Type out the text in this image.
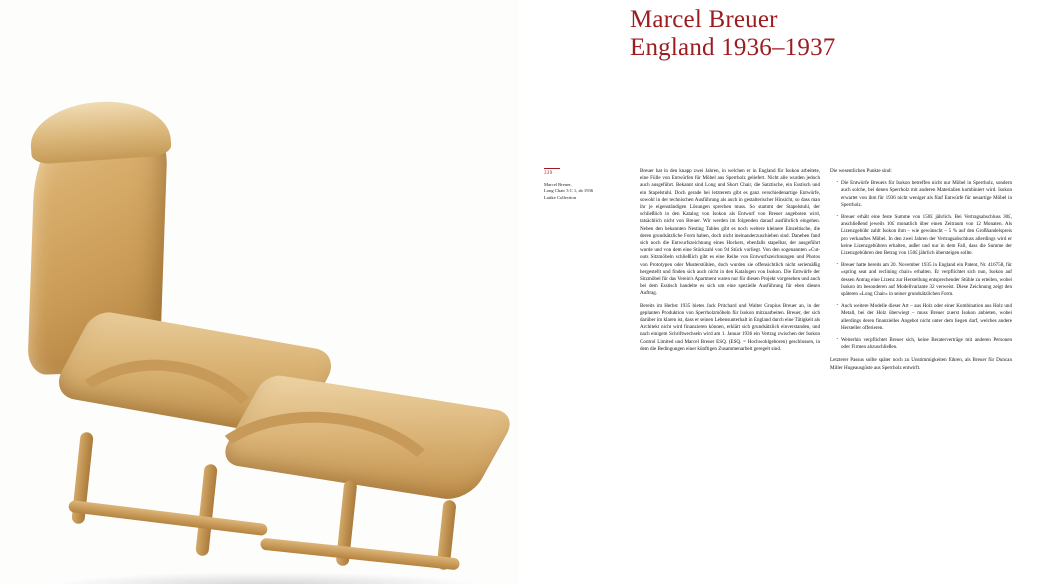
Marcel Breuer
England 1936–1937
339
Marcel Breuer,
Long Chair 3 C 1, ab 1936
Lattke Collection

Breuer hat in den knapp zwei Jahren, in welchen er in England für Isokon arbeitete, eine Fülle von Entwürfen für Möbel aus Sperrholz geliefert. Nicht alle wurden jedoch auch ausgeführt. Bekannt sind Long und Short Chair, die Satztische, ein Esstisch und ein Stapelstuhl. Doch gerade bei letzterem gibt es ganz verschiedenartige Entwürfe, sowohl in der technischen Ausführung als auch in gestalterischer Hinsicht, so dass man ihr je eigenständigen Lösungen sprechen muss. So stammt der Stapelstuhl, der schließlich in den Katalog von Isokon als Entwurf von Breuer angeboten wird, tatsächlich nicht von Breuer. Wir werden im folgenden darauf ausführlich eingehen. Neben den bekannten Nesting Tables gibt es noch weitere kleinere Einzeltische, die deren grundsätzliche Form haben, doch nicht ineinanderzuschieben sind. Daneben fand sich noch die Entwurfszeichnung eines Hockers, ebenfalls stapelbar, der ausgeführt wurde und von dem eine Stückzahl von 94 Stück vorliegt. Von den sogenannten »Cut-outs Sitzmöbeln schließlich gibt es eine Reihe von Entwurfszeichnungen und Photos von Prototypen oder Musterstühlen, doch wurden sie offensichtlich nicht seriemäßig hergestellt und finden sich auch nicht in den Katalogen von Isokon. Die Entwürfe der Sitzmöbel für das Verein's Apartment waren nur für diesen Projekt vorgesehen und auch bei dem Esstisch handelte es sich um eine spezielle Ausführung für eben diesen Auftrag.

Bereits im Herbst 1935 bietes Jack Pritchard und Walter Gropius Breuer an, in der geplanten Produktion von Sperrholzmöbeln für Isokon mitzuarbeiten. Breuer, der sich darüber im klaren ist, dass er seinen Lebensunterhalt in England durch eine Tätigkeit als Architekt nicht wird finanzieren können, erklärt sich grundsätzlich einverstanden, und nach einigem Schriftwechseln wird am 1. Januar 1936 ein Vertrag zwischen der Isokon Control Limited und Marcel Breuer ESQ. (ESQ. = Hochwohlgeboren) geschlossen, in dem die Bedingungen einer künftigen Zusammenarbeit geregelt sind.

Die wesentlichen Punkte sind:

· Die Entwürfe Breuers für Isokon betreffen nicht nur Möbel in Sperrholz, sondern auch solche, bei denen Sperrholz mit anderen Materialien kombiniert wird. Isokon erwartet von ihm für 1936 nicht weniger als fünf Entwürfe für neuartige Möbel in Sperrholz.
· Breuer erhält eine feste Summe von 150£ jährlich. Bei Vertragsabschluss 30£, anschließend jeweils 10£ monatlich über einen Zeitraum von 12 Monaten. Als Lizenzgebühr zahlt Isokon ihm – wie gewünscht – 5 % auf den Großhandelspreis pro verkauftes Möbel. In den zwei Jahren der Vertragsabschluss allerdings wird er keine Lizenzgebühren erhalten, außer und nur in dem Fall, dass die Summe der Lizenzgebühren den Betrag von 150£ jährlich übersteigen sollte.
· Breuer hatte bereits am 20. November 1935 in England ein Patent, Nr. 416758, für »spring seat and reclining chair« erhalten. Er verpflichtet sich nun, Isokon auf dessen Antrag eine Lizenz zur Herstellung entsprechender Stühle zu erteilen, wobei Isokon im besonderen auf Modellvariante 32 verweist. Diese Zeichnung zeigt den späteren »Long Chair« in seiner grundsätzlichen Form.
· Auch weitere Modelle dieser Art – aus Holz oder einer Kombination aus Holz und Metall, bei der Holz überwiegt – muss Breuer zuerst Isokon anbieten, wobei allerdings deren finanzielles Angebot nicht unter dem liegen darf, welches andere Hersteller offerieren.
· Weiterhin verpflichtet Breuer sich, keine Beraterverträge mit anderen Personen oder Firmen abzuschließen.

Letzterer Passus sollte später noch zu Unstimmigkeiten führen, als Breuer für Duncan Miller Hugeausgüste aus Sperrholz entwirft.
